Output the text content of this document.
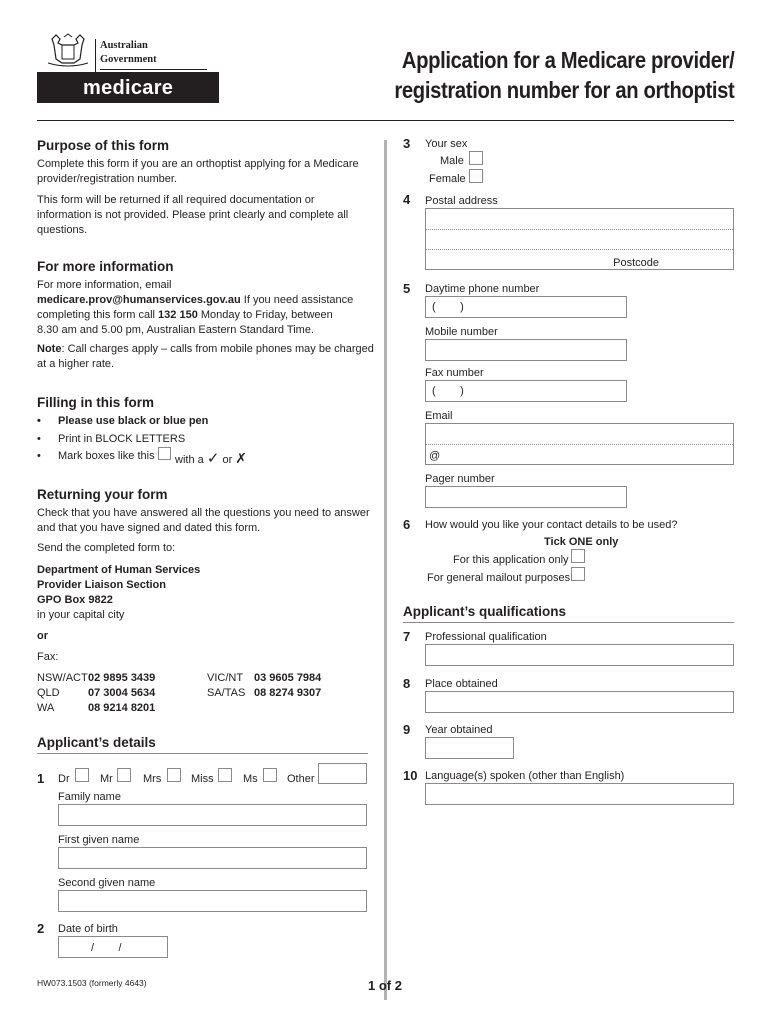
Australian Government
medicare
Application for a Medicare provider/
registration number for an orthoptist
Purpose of this form
Complete this form if you are an orthoptist applying for a Medicare
provider/registration number.
This form will be returned if all required documentation or
information is not provided. Please print clearly and complete all
questions.
For more information
For more information, email
medicare.prov@humanservices.gov.au If you need assistance
completing this form call 132 150 Monday to Friday, between
8.30 am and 5.00 pm, Australian Eastern Standard Time.
Note: Call charges apply – calls from mobile phones may be charged
at a higher rate.
Filling in this form
• Please use black or blue pen
• Print in BLOCK LETTERS
• Mark boxes like this with a ✓ or ✗
Returning your form
Check that you have answered all the questions you need to answer
and that you have signed and dated this form.
Send the completed form to:
Department of Human Services
Provider Liaison Section
GPO Box 9822
in your capital city
or
Fax:
NSW/ACT 02 9895 3439	VIC/NT 03 9605 7984
QLD	07 3004 5634	SA/TAS 08 8274 9307
WA	08 9214 8201
Applicant’s details
1 Dr	Mr	Mrs	Miss	Ms	Other
Family name
First given name
Second given name
2 Date of birth
/        /
HW073.1503 (formerly 4643)	1 of 2
3 Your sex
Male
Female
4 Postal address
Postcode
5 Daytime phone number
(        )
Mobile number
Fax number
(        )
Email
@
Pager number
6 How would you like your contact details to be used?
Tick ONE only
For this application only
For general mailout purposes
Applicant’s qualifications
7 Professional qualification
8 Place obtained
9 Year obtained
10 Language(s) spoken (other than English)
